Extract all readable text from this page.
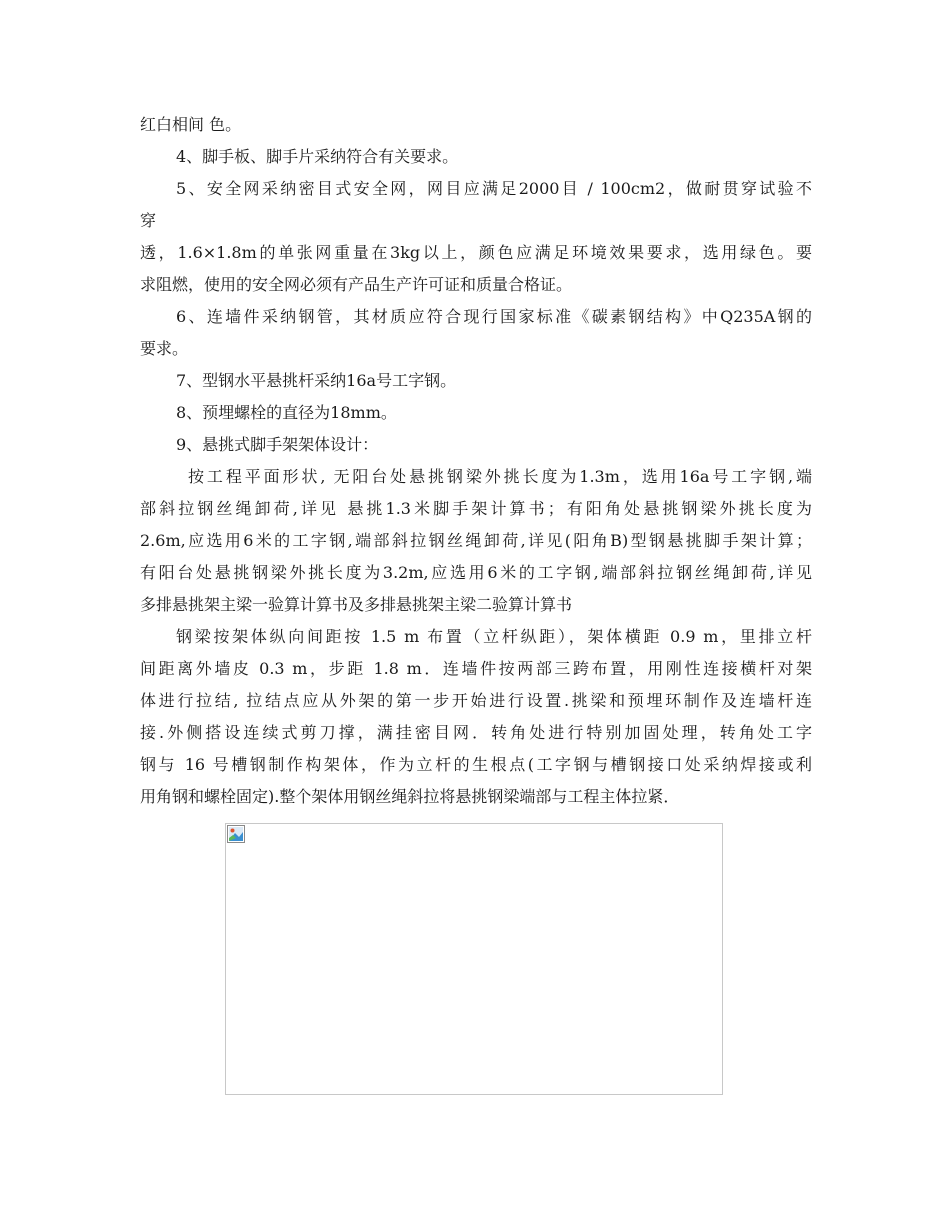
红白相间 色。

4、脚手板、脚手片采纳符合有关要求。

5、安全网采纳密目式安全网，网目应满足2000目 / 100cm2，做耐贯穿试验不

穿

透，1.6×1.8m的单张网重量在3kg以上，颜色应满足环境效果要求，选用绿色。要

求阻燃，使用的安全网必须有产品生产许可证和质量合格证。

6、连墙件采纳钢管，其材质应符合现行国家标准《碳素钢结构》中Q235A钢的

要求。

7、型钢水平悬挑杆采纳16a号工字钢。

8、预埋螺栓的直径为18mm。

9、悬挑式脚手架架体设计：

按工程平面形状, 无阳台处悬挑钢梁外挑长度为1.3m，选用16a号工字钢,端

部斜拉钢丝绳卸荷,详见 悬挑1.3米脚手架计算书；有阳角处悬挑钢梁外挑长度为

2.6m,应选用6米的工字钢,端部斜拉钢丝绳卸荷,详见(阳角B)型钢悬挑脚手架计算；

有阳台处悬挑钢梁外挑长度为3.2m,应选用6米的工字钢,端部斜拉钢丝绳卸荷,详见

多排悬挑架主梁一验算计算书及多排悬挑架主梁二验算计算书

钢梁按架体纵向间距按 1.5 m 布置（立杆纵距），架体横距 0.9 m，里排立杆

间距离外墙皮 0.3 m，步距 1.8 m．连墙件按两部三跨布置，用刚性连接横杆对架

体进行拉结, 拉结点应从外架的第一步开始进行设置.挑梁和预埋环制作及连墙杆连

接.外侧搭设连续式剪刀撑，满挂密目网．转角处进行特别加固处理，转角处工字

钢与 16 号槽钢制作构架体，作为立杆的生根点(工字钢与槽钢接口处采纳焊接或利

用角钢和螺栓固定).整个架体用钢丝绳斜拉将悬挑钢梁端部与工程主体拉紧．
